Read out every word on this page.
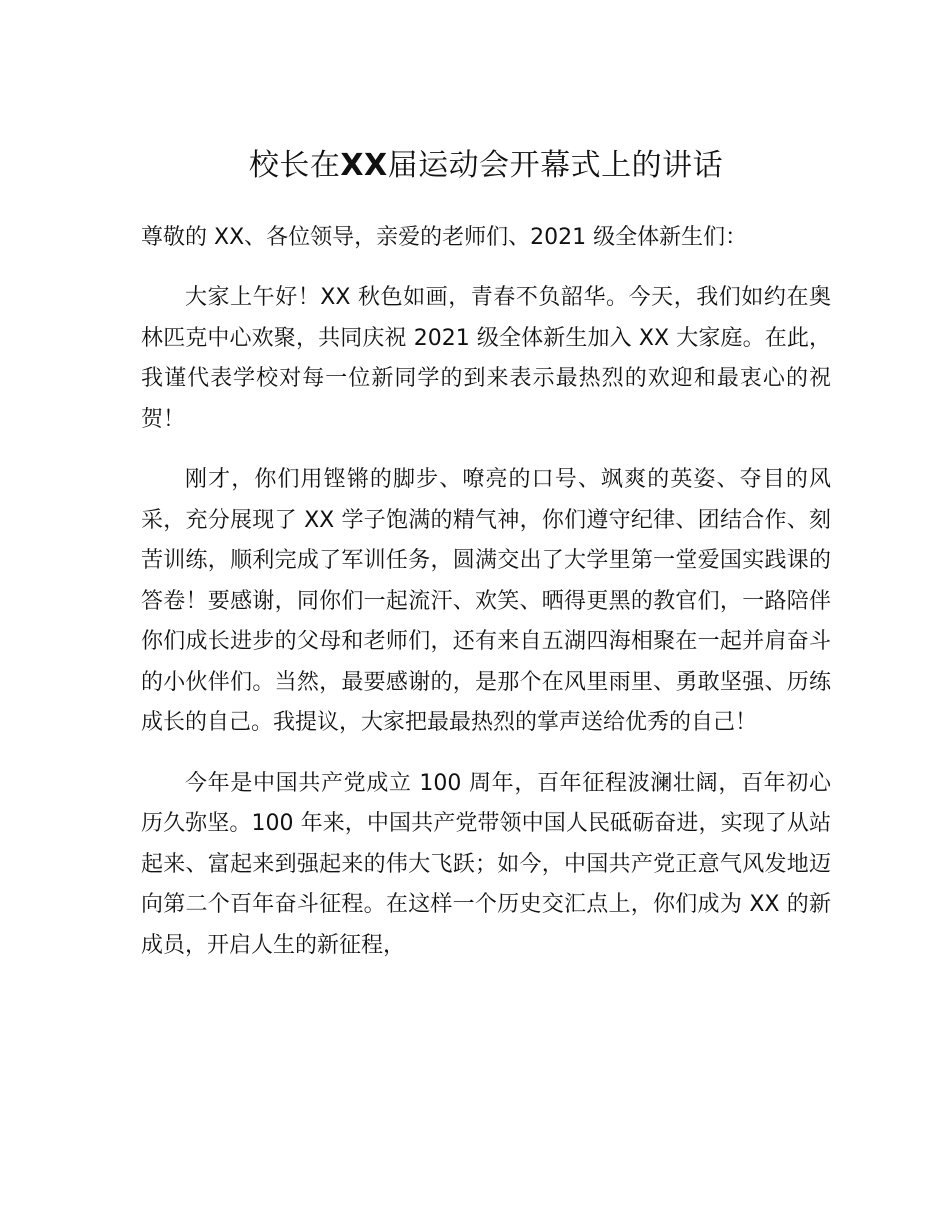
校长在XX届运动会开幕式上的讲话

尊敬的 XX、各位领导，亲爱的老师们、2021 级全体新生们：

大家上午好！XX 秋色如画，青春不负韶华。今天，我们如约在奥林匹克中心欢聚，共同庆祝 2021 级全体新生加入 XX 大家庭。在此，我谨代表学校对每一位新同学的到来表示最热烈的欢迎和最衷心的祝贺！

刚才，你们用铿锵的脚步、嘹亮的口号、飒爽的英姿、夺目的风采，充分展现了 XX 学子饱满的精气神，你们遵守纪律、团结合作、刻苦训练，顺利完成了军训任务，圆满交出了大学里第一堂爱国实践课的答卷！要感谢，同你们一起流汗、欢笑、晒得更黑的教官们，一路陪伴你们成长进步的父母和老师们，还有来自五湖四海相聚在一起并肩奋斗的小伙伴们。当然，最要感谢的，是那个在风里雨里、勇敢坚强、历练成长的自己。我提议，大家把最最热烈的掌声送给优秀的自己！

今年是中国共产党成立 100 周年，百年征程波澜壮阔，百年初心历久弥坚。100 年来，中国共产党带领中国人民砥砺奋进，实现了从站起来、富起来到强起来的伟大飞跃；如今，中国共产党正意气风发地迈向第二个百年奋斗征程。在这样一个历史交汇点上，你们成为 XX 的新成员，开启人生的新征程，
